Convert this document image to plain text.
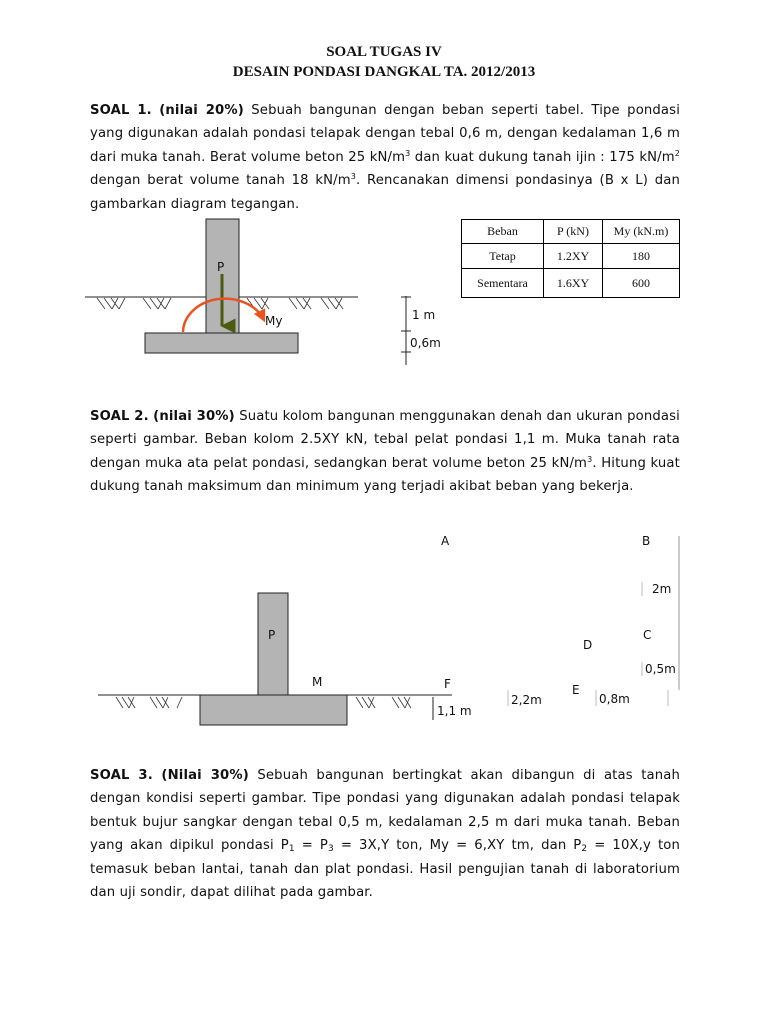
SOAL TUGAS IV
DESAIN PONDASI DANGKAL TA. 2012/2013
SOAL 1. (nilai 20%) Sebuah bangunan dengan beban seperti tabel. Tipe pondasi yang digunakan adalah pondasi telapak dengan tebal 0,6 m, dengan kedalaman 1,6 m dari muka tanah. Berat volume beton 25 $kN/m^3$ dan kuat dukung tanah ijin : 175 $kN/m^2$ dengan berat volume tanah 18 $kN/m^3$. Rencanakan dimensi pondasinya (B x L) dan gambarkan diagram tegangan.
Beban	P (kN)	My (kN.m)
Tetap	1.2XY	180
Sementara	1.6XY	600
P
My	1 m
0,6m
P
M	F
1,1 m
A	B
C
D
E
2m
0,5m
2,2m	0,8m
SOAL 2. (nilai 30%) Suatu kolom bangunan menggunakan denah dan ukuran pondasi seperti gambar. Beban kolom 2.5XY kN, tebal pelat pondasi 1,1 m. Muka tanah rata dengan muka ata pelat pondasi, sedangkan berat volume beton 25 $kN/m^3$. Hitung kuat dukung tanah maksimum dan minimum yang terjadi akibat beban yang bekerja.
SOAL 3. (Nilai 30%) Sebuah bangunan bertingkat akan dibangun di atas tanah dengan kondisi seperti gambar. Tipe pondasi yang digunakan adalah pondasi telapak bentuk bujur sangkar dengan tebal 0,5 m, kedalaman 2,5 m dari muka tanah. Beban yang akan dipikul pondasi $P_1 = P_3 = 3X,Y$ ton, My = 6,XY tm, dan $P_2 = 10X,y$ ton temasuk beban lantai, tanah dan plat pondasi. Hasil pengujian tanah di laboratorium dan uji sondir, dapat dilihat pada gambar.
